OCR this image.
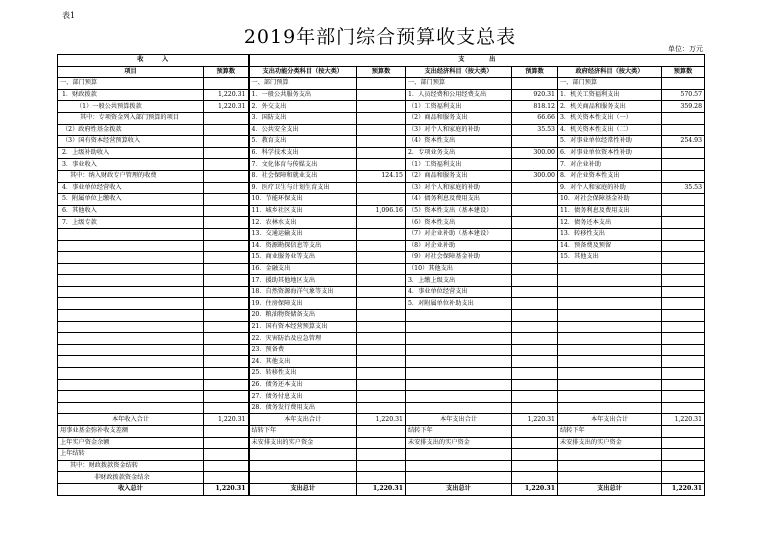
表1
2019年部门综合预算收支总表
单位：万元
收　　　入		支　　　　出					
项目	预算数	支出功能分类科目（按大类）	预算数	支出经济科目（按大类）	预算数	政府经济科目（按大类）	预算数
一、部门预算		一、部门预算		一、部门预算		一、部门预算	
1．财政拨款	1,220.31	1．一般公共服务支出		1．人员经费和公用经费支出	920.31	1．机关工资福利支出	570.57
（1）一般公共预算拨款	1,220.31	2．外交支出		（1）工资福利支出	818.12	2．机关商品和服务支出	359.28
其中：专项资金列入部门预算的项目		3．国防支出		（2）商品和服务支出	66.66	3．机关资本性支出（一）	
（2）政府性基金拨款		4．公共安全支出		（3）对个人和家庭的补助	35.53	4．机关资本性支出（二）	
（3）国有资本经营预算收入		5．教育支出		（4）资本性支出		5．对事业单位经常性补助	254.93
2．上级补助收入		6．科学技术支出		2．专项业务支出	300.00	6．对事业单位资本性补助	
3．事业收入		7．文化体育与传媒支出		（1）工资福利支出		7．对企业补助	
其中：纳入财政专户管理的收费		8．社会保障和就业支出	124.15	（2）商品和服务支出	300.00	8．对企业资本性支出	
4．事业单位经营收入		9．医疗卫生与计划生育支出		（3）对个人和家庭的补助		9．对个人和家庭的补助	35.53
5．附属单位上缴收入		10．节能环保支出		（4）债务利息及费用支出		10．对社会保障基金补助	
6．其他收入		11．城乡社区支出	1,096.16	（5）资本性支出（基本建设）		11．债务利息及费用支出	
7．上级专款		12．农林水支出		（6）资本性支出		12．债务还本支出	
		13．交通运输支出		（7）对企业补助（基本建设）		13．转移性支出	
		14．资源勘探信息等支出		（8）对企业补助		14．预备费及预留	
		15．商业服务业等支出		（9）对社会保障基金补助		15．其他支出	
		16．金融支出		（10）其他支出			
		17．援助其他地区支出		3．上缴上级支出			
		18．自然资源海洋气象等支出		4．事业单位经营支出			
		19．住房保障支出		5．对附属单位补助支出			
		20．粮油物资储备支出					
		21．国有资本经营预算支出					
		22．灾害防治及应急管理					
		23．预备费					
		24．其他支出					
		25．转移性支出					
		26．债务还本支出					
		27．债务付息支出					
		28．债务发行费用支出					
本年收入合计	1,220.31	本年支出合计	1,220.31	本年支出合计	1,220.31	本年支出合计	1,220.31
用事业基金弥补收支差额		结转下年		结转下年		结转下年	
上年实户资金余额		未安排支出的实户资金		未安排支出的实户资金		未安排支出的实户资金	
上年结转							
其中：财政拨款资金结转							
非财政拨款资金结余							
收入总计	1,220.31	支出总计	1,220.31	支出总计	1,220.31	支出总计	1,220.31
